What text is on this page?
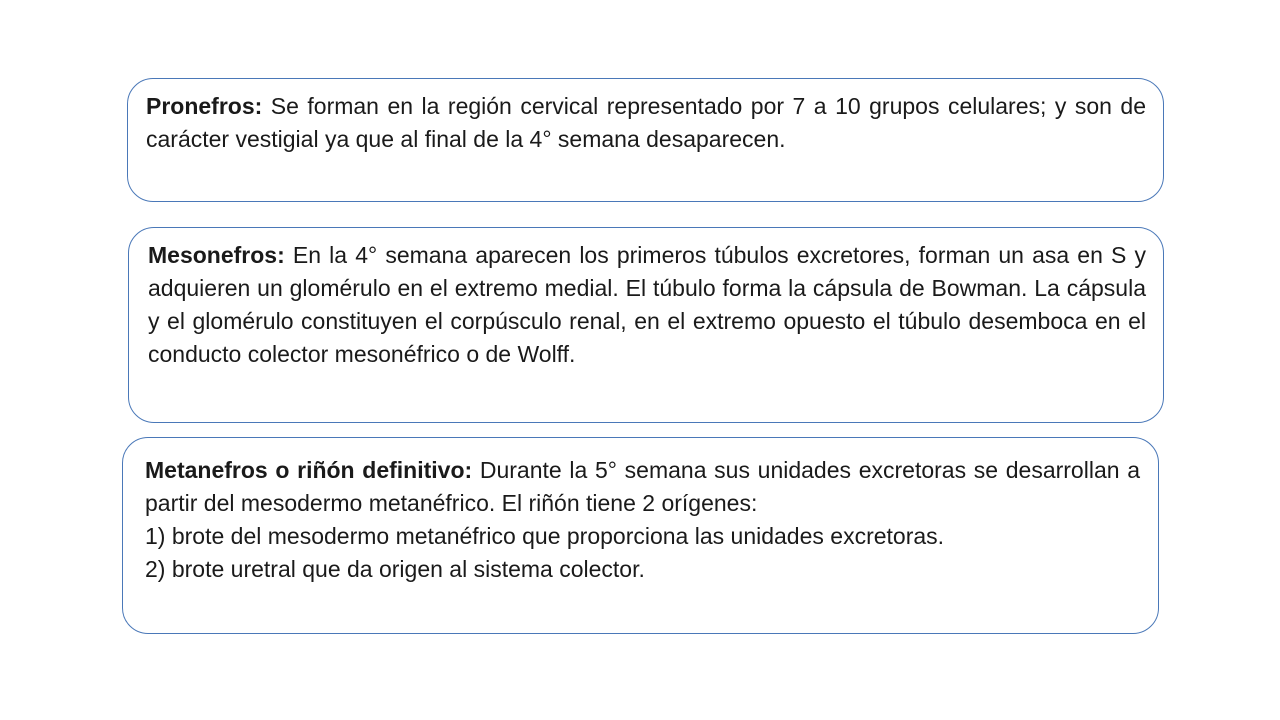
Pronefros: Se forman en la región cervical representado por 7 a 10 grupos celulares; y son de carácter vestigial ya que al final de la 4° semana desaparecen.

Mesonefros: En la 4° semana aparecen los primeros túbulos excretores, forman un asa en S y adquieren un glomérulo en el extremo medial. El túbulo forma la cápsula de Bowman. La cápsula y el glomérulo constituyen el corpúsculo renal, en el extremo opuesto el túbulo desemboca en el conducto colector mesonéfrico o de Wolff.

Metanefros o riñón definitivo: Durante la 5° semana sus unidades excretoras se desarrollan a partir del mesodermo metanéfrico. El riñón tiene 2 orígenes:

1) brote del mesodermo metanéfrico que proporciona las unidades excretoras.

2) brote uretral que da origen al sistema colector.
